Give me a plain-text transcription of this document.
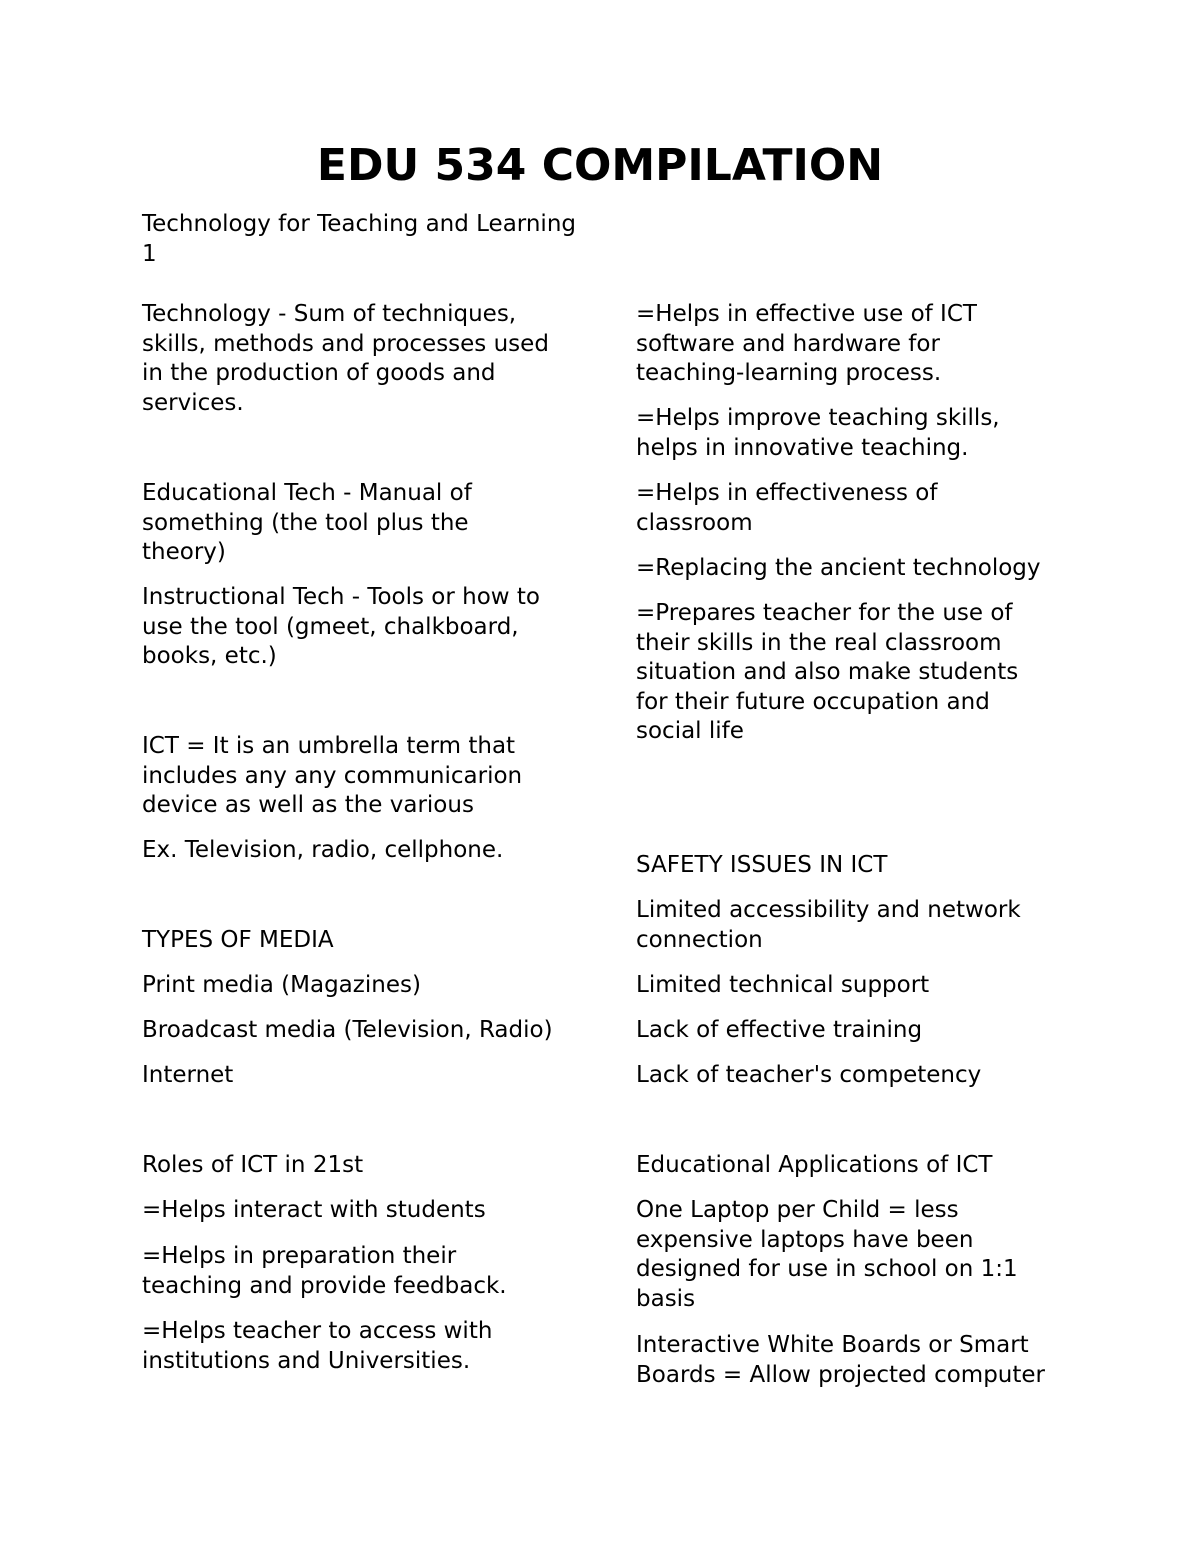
EDU 534 COMPILATION

Technology for Teaching and Learning 1

Technology - Sum of techniques,
skills, methods and processes used
in the production of goods and
services.

Educational Tech - Manual of
something (the tool plus the
theory)

Instructional Tech - Tools or how to
use the tool (gmeet, chalkboard,
books, etc.)

ICT = It is an umbrella term that
includes any any communicarion
device as well as the various

Ex. Television, radio, cellphone.

TYPES OF MEDIA

Print media (Magazines)

Broadcast media (Television, Radio)

Internet

Roles of ICT in 21st

=Helps interact with students

=Helps in preparation their
teaching and provide feedback.

=Helps teacher to access with
institutions and Universities.

=Helps in effective use of ICT
software and hardware for
teaching-learning process.

=Helps improve teaching skills,
helps in innovative teaching.

=Helps in effectiveness of
classroom

=Replacing the ancient technology

=Prepares teacher for the use of
their skills in the real classroom
situation and also make students
for their future occupation and
social life

SAFETY ISSUES IN ICT

Limited accessibility and network
connection

Limited technical support

Lack of effective training

Lack of teacher's competency

Educational Applications of ICT

One Laptop per Child = less
expensive laptops have been
designed for use in school on 1:1
basis

Interactive White Boards or Smart
Boards = Allow projected computer
